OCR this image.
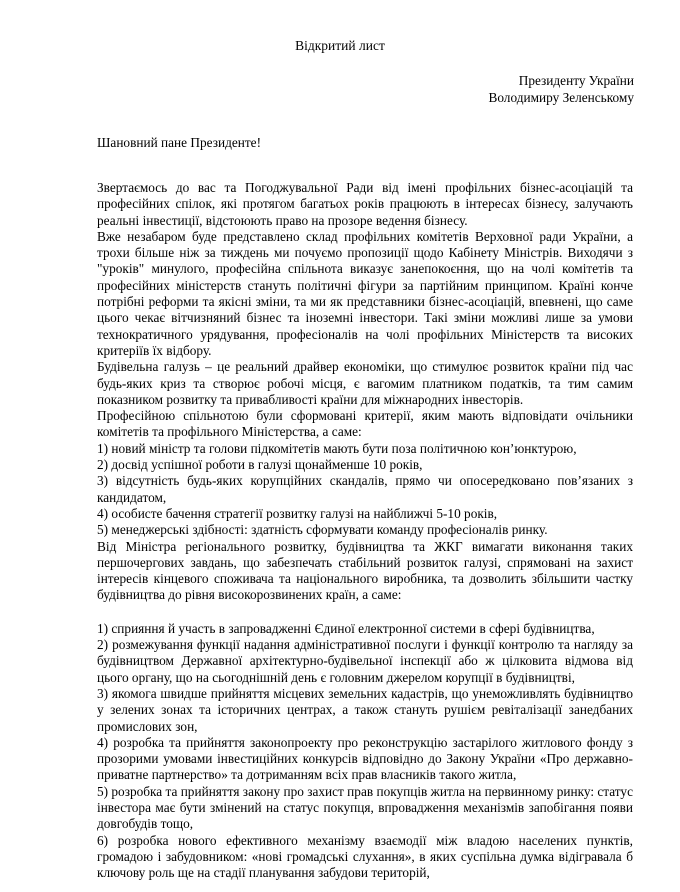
Відкритий лист
Президенту України
Володимиру Зеленському
Шановний пане Президенте!

Звертаємось до вас та Погоджувальної Ради від імені профільних бізнес-асоціацій та професійних спілок, які протягом багатьох років працюють в інтересах бізнесу, залучають реальні інвестиції, відстоюють право на прозоре ведення бізнесу.

Вже незабаром буде представлено склад профільних комітетів Верховної ради України, а трохи більше ніж за тиждень ми почуємо пропозиції щодо Кабінету Міністрів. Виходячи з "уроків" минулого, професійна спільнота виказує занепокоєння, що на чолі комітетів та професійних міністерств стануть політичні фігури за партійним принципом. Країні конче потрібні реформи та якісні зміни, та ми як представники бізнес-асоціацій, впевнені, що саме цього чекає вітчизняний бізнес та іноземні інвестори. Такі зміни можливі лише за умови технократичного урядування, професіоналів на чолі профільних Міністерств та високих критеріїв їх відбору.

Будівельна галузь – це реальний драйвер економіки, що стимулює розвиток країни під час будь-яких криз та створює робочі місця, є вагомим платником податків, та тим самим показником розвитку та привабливості країни для міжнародних інвесторів.

Професійною спільнотою були сформовані критерії, яким мають відповідати очільники комітетів та профільного Міністерства, а саме:

1) новий міністр та голови підкомітетів мають бути поза політичною кон’юнктурою,

2) досвід успішної роботи в галузі щонайменше 10 років,

3) відсутність будь-яких корупційних скандалів, прямо чи опосередковано пов’язаних з кандидатом,

4) особисте бачення стратегії розвитку галузі на найближчі 5-10 років,

5) менеджерські здібності: здатність сформувати команду професіоналів ринку.

Від Міністра регіонального розвитку, будівництва та ЖКГ вимагати виконання таких першочергових завдань, що забезпечать стабільний розвиток галузі, спрямовані на захист інтересів кінцевого споживача та національного виробника, та дозволить збільшити частку будівництва до рівня високорозвинених країн, а саме:

1) сприяння й участь в запровадженні Єдиної електронної системи в сфері будівництва,

2) розмежування функції надання адміністративної послуги і функції контролю та нагляду за будівництвом Державної архітектурно-будівельної інспекції або ж цілковита відмова від цього органу, що на сьогоднішній день є головним джерелом корупції в будівництві,

3) якомога швидше прийняття місцевих земельних кадастрів, що унеможливлять будівництво у зелених зонах та історичних центрах, а також стануть рушієм ревіталізації занедбаних промислових зон,

4) розробка та прийняття законопроекту про реконструкцію застарілого житлового фонду з прозорими умовами інвестиційних конкурсів відповідно до Закону України «Про державно-приватне партнерство» та дотриманням всіх прав власників такого житла,

5) розробка та прийняття закону про захист прав покупців житла на первинному ринку: статус інвестора має бути змінений на статус покупця, впровадження механізмів запобігання появи довгобудів тощо,

6) розробка нового ефективного механізму взаємодії між владою населених пунктів, громадою і забудовником: «нові громадські слухання», в яких суспільна думка відігравала б ключову роль ще на стадії планування забудови територій,
